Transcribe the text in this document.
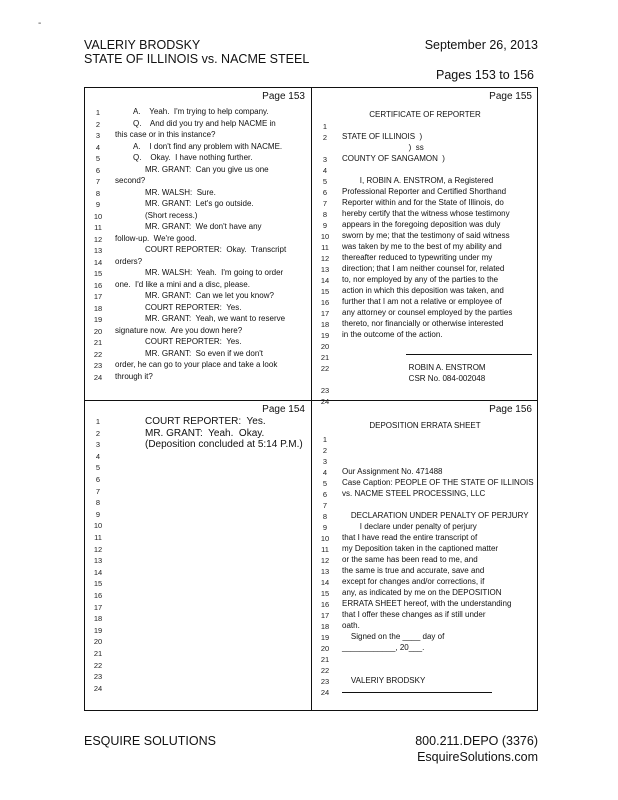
-
VALERIY BRODSKY
STATE OF ILLINOIS vs. NACME STEEL
September 26, 2013
Pages 153 to 156
Page 153
1	A.    Yeah.  I'm trying to help company.
2	Q.    And did you try and help NACME in
3	this case or in this instance?
4	A.    I don't find any problem with NACME.
5	Q.    Okay.  I have nothing further.
6	MR. GRANT:  Can you give us one
7	second?
8	MR. WALSH:  Sure.
9	MR. GRANT:  Let's go outside.
10	(Short recess.)
11	MR. GRANT:  We don't have any
12	follow-up.  We're good.
13	COURT REPORTER:  Okay.  Transcript
14	orders?
15	MR. WALSH:  Yeah.  I'm going to order
16	one.  I'd like a mini and a disc, please.
17	MR. GRANT:  Can we let you know?
18	COURT REPORTER:  Yes.
19	MR. GRANT:  Yeah, we want to reserve
20	signature now.  Are you down here?
21	COURT REPORTER:  Yes.
22	MR. GRANT:  So even if we don't
23	order, he can go to your place and take a look
24	through it?
Page 155
CERTIFICATE OF REPORTER
1
2	STATE OF ILLINOIS  )
)  ss
3	COUNTY OF SANGAMON  )
4
5	I, ROBIN A. ENSTROM, a Registered
6	Professional Reporter and Certified Shorthand
7	Reporter within and for the State of Illinois, do
8	hereby certify that the witness whose testimony
9	appears in the foregoing deposition was duly
10	sworn by me; that the testimony of said witness
11	was taken by me to the best of my ability and
12	thereafter reduced to typewriting under my
13	direction; that I am neither counsel for, related
14	to, nor employed by any of the parties to the
15	action in which this deposition was taken, and
16	further that I am not a relative or employee of
17	any attorney or counsel employed by the parties
18	thereto, nor financially or otherwise interested
19	in the outcome of the action.
20
21
22	ROBIN A. ENSTROM
CSR No. 084-002048
23
24
Page 154
1	COURT REPORTER:  Yes.
2	MR. GRANT:  Yeah.  Okay.
3	(Deposition concluded at 5:14 P.M.)
4
5
6
7
8
9
10
11
12
13
14
15
16
17
18
19
20
21
22
23
24
Page 156
DEPOSITION ERRATA SHEET
1
2
3
4	Our Assignment No. 471488
5	Case Caption: PEOPLE OF THE STATE OF ILLINOIS
6	vs. NACME STEEL PROCESSING, LLC
7
8	DECLARATION UNDER PENALTY OF PERJURY
9	I declare under penalty of perjury
10	that I have read the entire transcript of
11	my Deposition taken in the captioned matter
12	or the same has been read to me, and
13	the same is true and accurate, save and
14	except for changes and/or corrections, if
15	any, as indicated by me on the DEPOSITION
16	ERRATA SHEET hereof, with the understanding
17	that I offer these changes as if still under
18	oath.
19	Signed on the ____ day of
20	____________, 20___.
21
22
23	VALERIY BRODSKY
24
ESQUIRE SOLUTIONS	800.211.DEPO (3376)
EsquireSolutions.com
